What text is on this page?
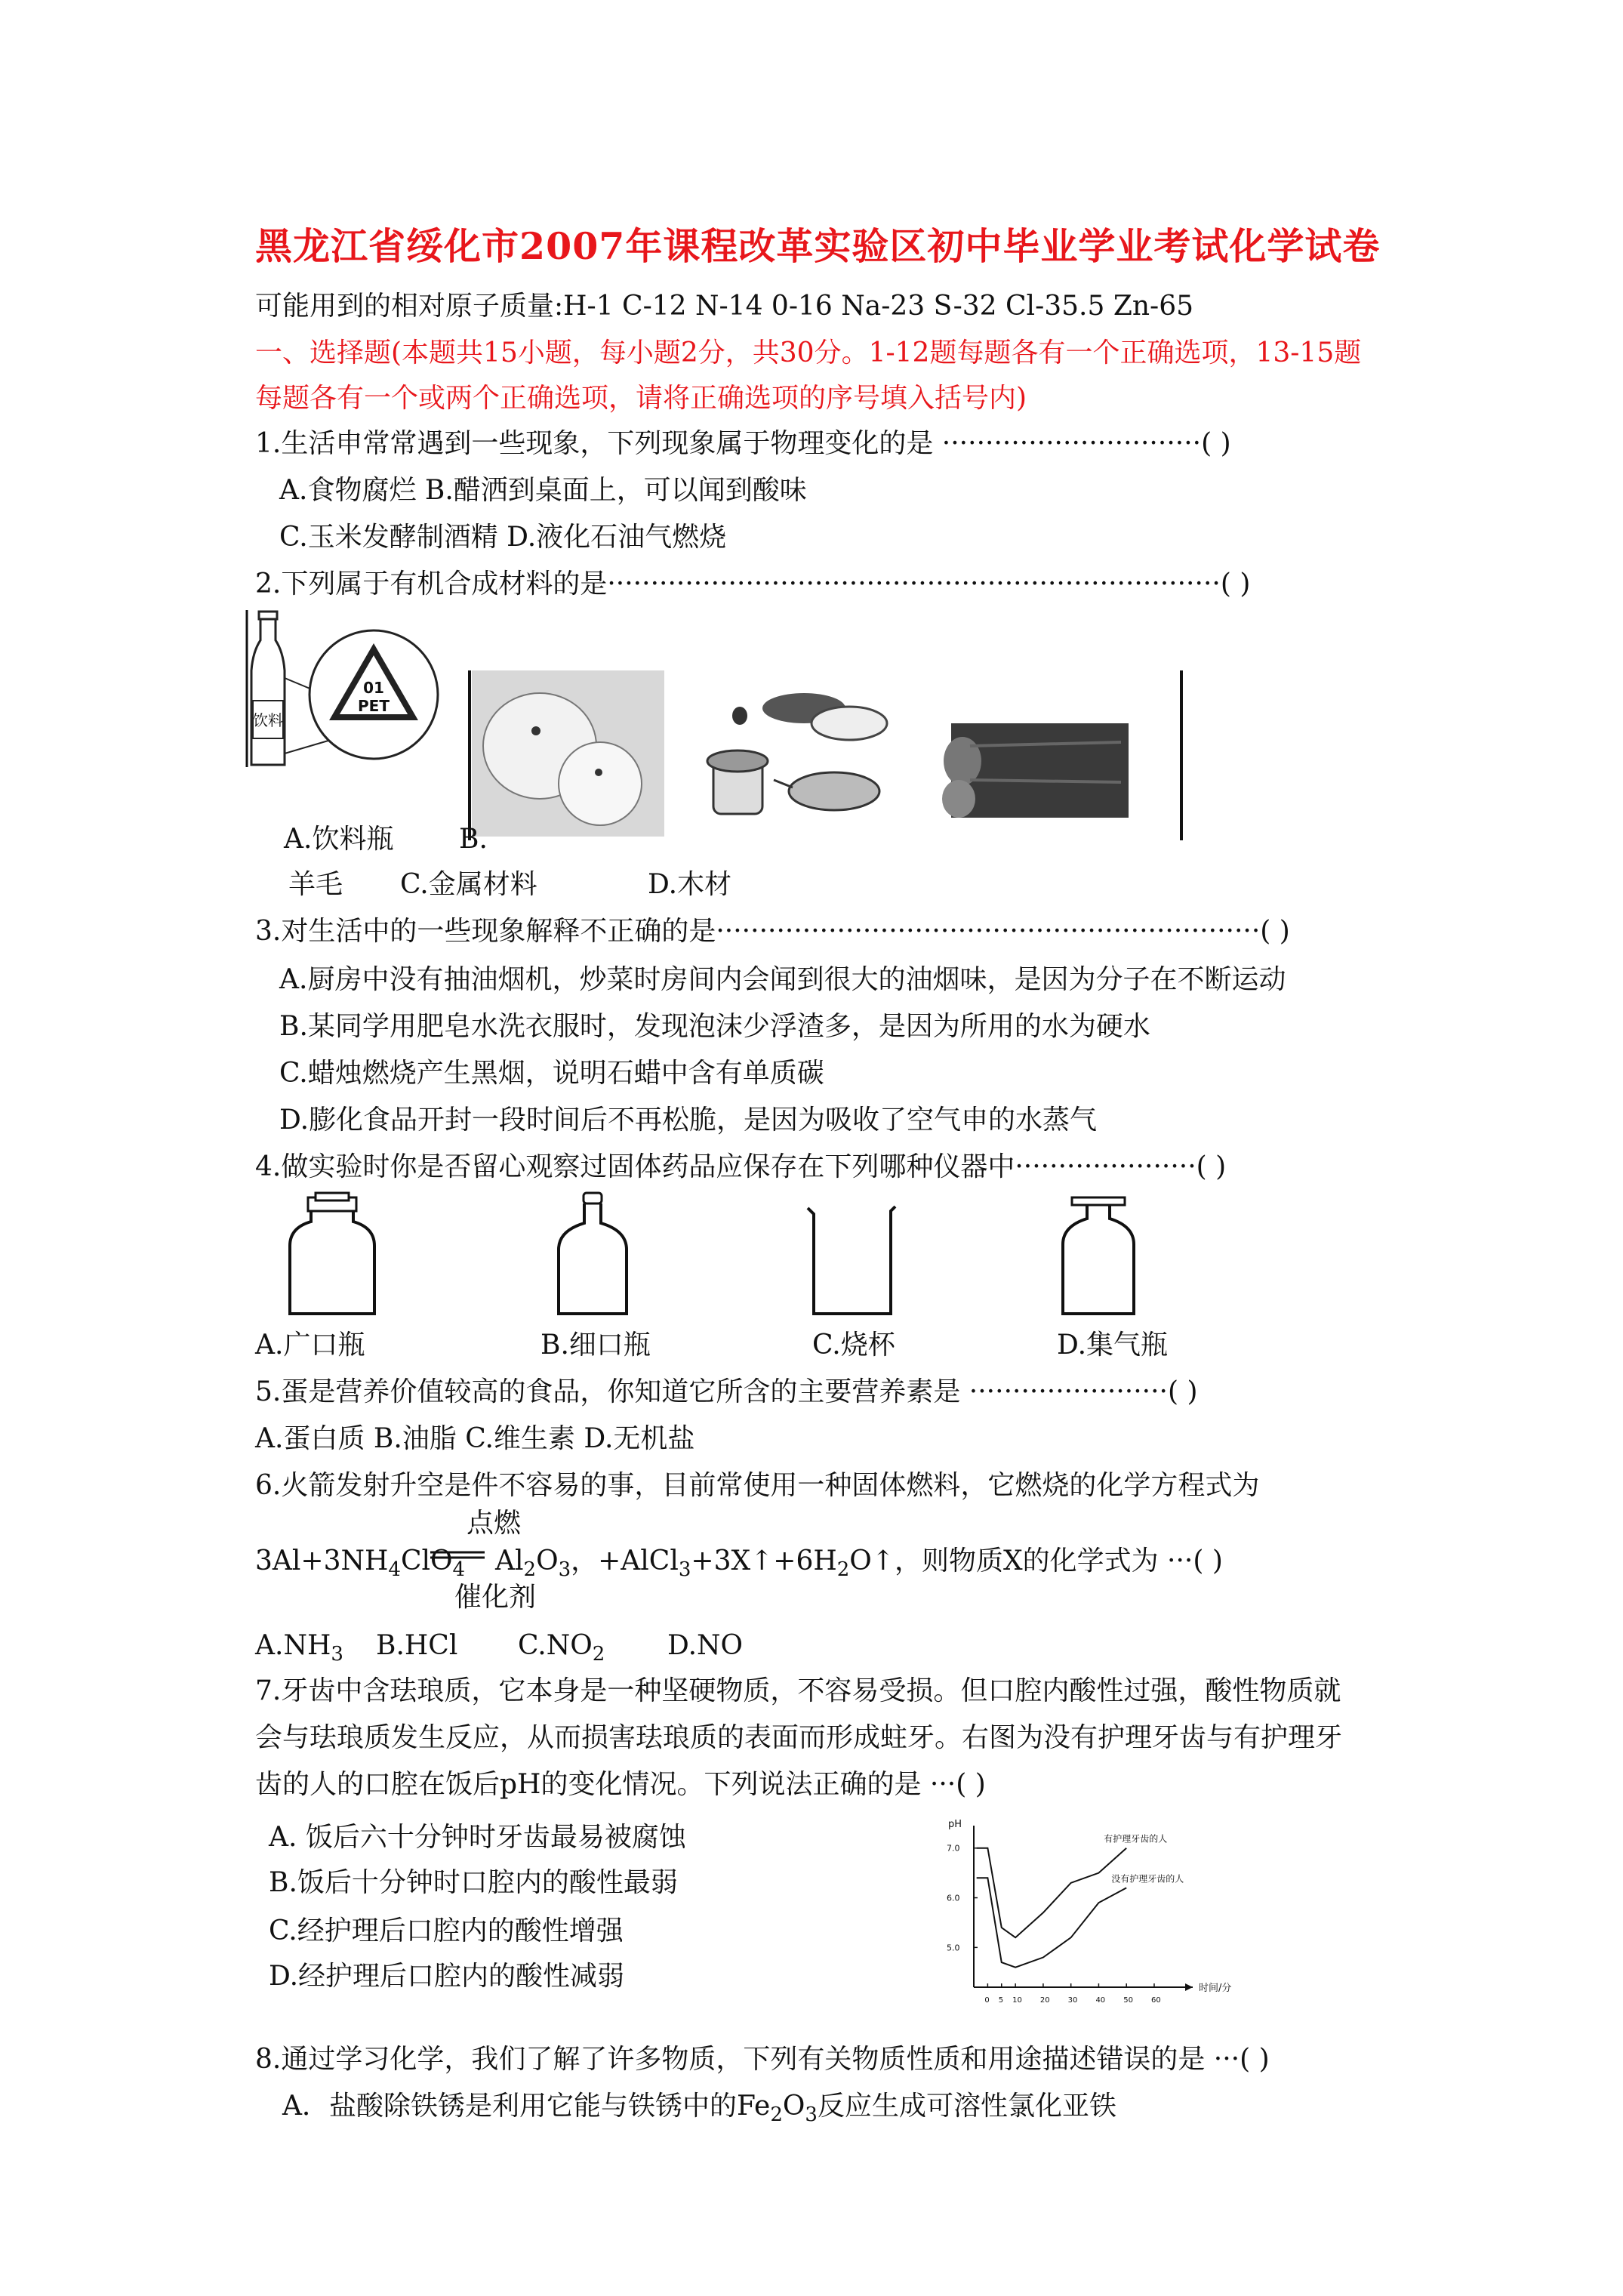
黑龙江省绥化市2007年课程改革实验区初中毕业学业考试化学试卷
可能用到的相对原子质量:H-1 C-12 N-14 0-16 Na-23 S-32 Cl-35.5 Zn-65
一、选择题(本题共15小题，每小题2分，共30分。1-12题每题各有一个正确选项，13-15题
每题各有一个或两个正确选项，请将正确选项的序号填入括号内)
1.生活申常常遇到一些现象，下列现象属于物理变化的是 ······························( )
A.食物腐烂 B.醋洒到桌面上，可以闻到酸味
C.玉米发酵制酒精 D.液化石油气燃烧
2.下列属于有机合成材料的是·······································································( )
饮料
01
PET
A.饮料瓶 B.
羊毛 C.金属材料	D.木材
3.对生活中的一些现象解释不正确的是·······························································( )
A.厨房中没有抽油烟机，炒菜时房间内会闻到很大的油烟味，是因为分子在不断运动
B.某同学用肥皂水洗衣服时，发现泡沫少浮渣多，是因为所用的水为硬水
C.蜡烛燃烧产生黑烟，说明石蜡中含有单质碳
D.膨化食品开封一段时间后不再松脆，是因为吸收了空气申的水蒸气
4.做实验时你是否留心观察过固体药品应保存在下列哪种仪器中·····················( )
A.广口瓶	B.细口瓶	C.烧杯	D.集气瓶
5.蛋是营养价值较高的食品，你知道它所含的主要营养素是 ·······················( )
A.蛋白质 B.油脂 C.维生素 D.无机盐
6.火箭发射升空是件不容易的事，目前常使用一种固体燃料，它燃烧的化学方程式为
点燃
$3Al+3NH_4ClO_4$ $Al_2O_3$，$+AlCl_3+3X↑+6H_2O↑$，则物质X的化学式为 ···( )
催化剂
$A.NH_3$ B.HCl $C.NO_2$ D.NO
7.牙齿中含珐琅质，它本身是一种坚硬物质，不容易受损。但口腔内酸性过强，酸性物质就
会与珐琅质发生反应，从而损害珐琅质的表面而形成蛀牙。右图为没有护理牙齿与有护理牙
齿的人的口腔在饭后pH的变化情况。下列说法正确的是 ···( )
A. 饭后六十分钟时牙齿最易被腐蚀
B.饭后十分钟时口腔内的酸性最弱
C.经护理后口腔内的酸性增强
D.经护理后口腔内的酸性减弱
pH
时间/分
7.0
6.0
5.0
0 5 10 20 30 40 50 60
有护理牙齿的人
没有护理牙齿的人
8.通过学习化学，我们了解了许多物质，下列有关物质性质和用途描述错误的是 ···( )
A．盐酸除铁锈是利用它能与铁锈中的$Fe_2O_3$反应生成可溶性氯化亚铁
